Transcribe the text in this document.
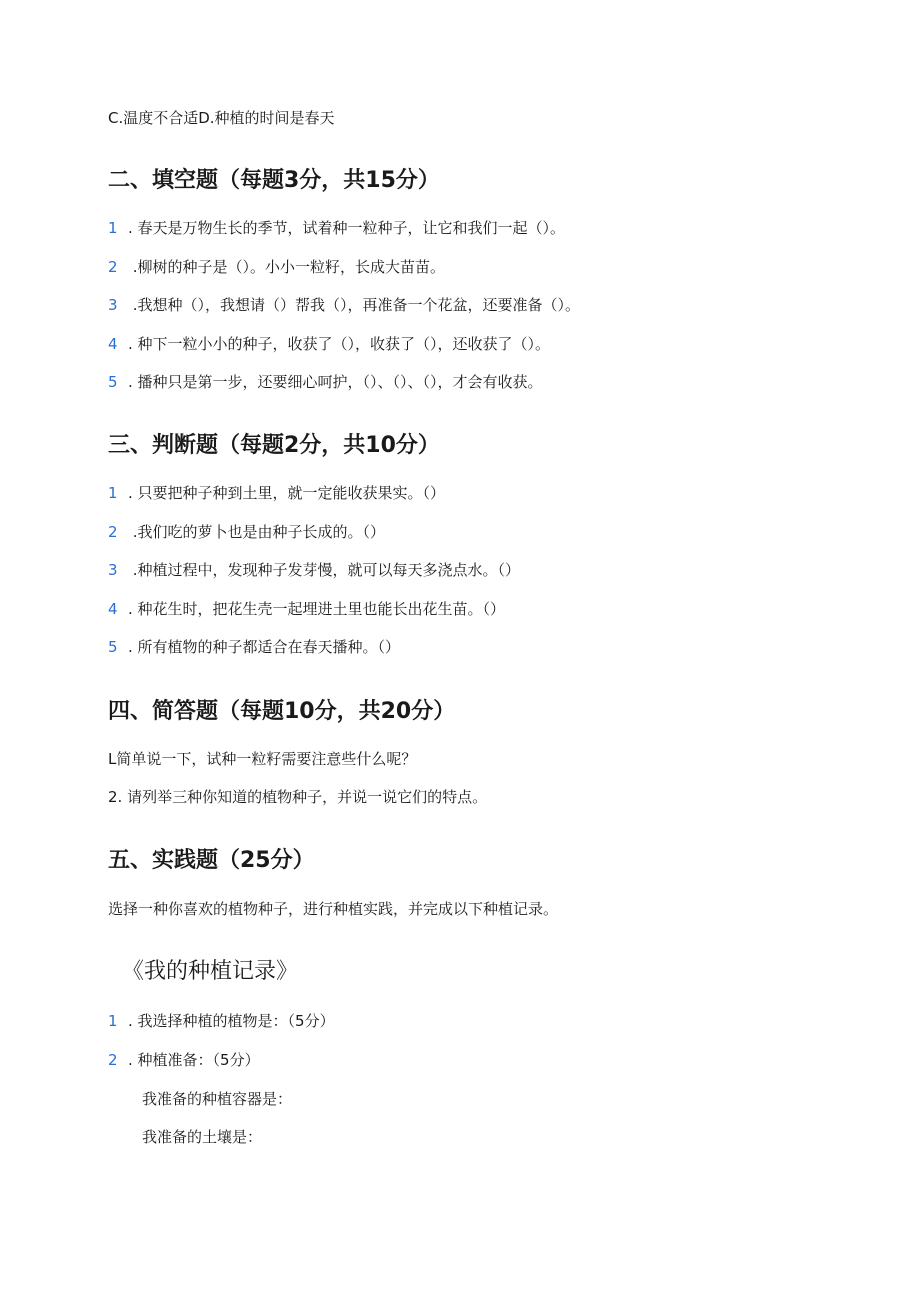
C.温度不合适D.种植的时间是春天
二、填空题（每题3分，共15分）
1 . 春天是万物生长的季节，试着种一粒种子，让它和我们一起（）。
2 .柳树的种子是（）。小小一粒籽，长成大苗苗。
3 .我想种（），我想请（）帮我（），再准备一个花盆，还要准备（）。
4 . 种下一粒小小的种子，收获了（），收获了（），还收获了（）。
5 . 播种只是第一步，还要细心呵护，（）、（）、（），才会有收获。
三、判断题（每题2分，共10分）
1 . 只要把种子种到土里，就一定能收获果实。（）
2 .我们吃的萝卜也是由种子长成的。（）
3 .种植过程中，发现种子发芽慢，就可以每天多浇点水。（）
4 . 种花生时，把花生壳一起埋进土里也能长出花生苗。（）
5 . 所有植物的种子都适合在春天播种。（）
四、简答题（每题10分，共20分）
L简单说一下，试种一粒籽需要注意些什么呢？
2. 请列举三种你知道的植物种子，并说一说它们的特点。
五、实践题（25分）
选择一种你喜欢的植物种子，进行种植实践，并完成以下种植记录。
《我的种植记录》
1 . 我选择种植的植物是：（5分）
2 . 种植准备：（5分）
我准备的种植容器是：
我准备的土壤是：
